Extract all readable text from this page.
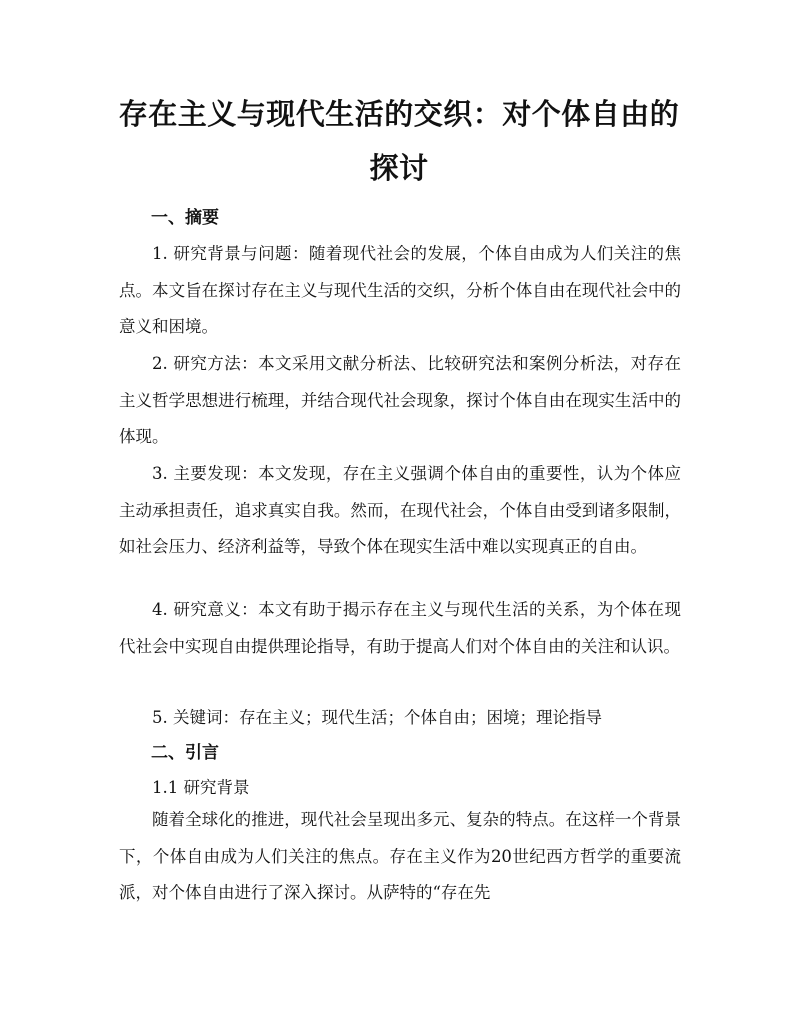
存在主义与现代生活的交织：对个体自由的
探讨
一、摘要

1. 研究背景与问题：随着现代社会的发展，个体自由成为人们关注的焦点。本文旨在探讨存在主义与现代生活的交织，分析个体自由在现代社会中的意义和困境。

2. 研究方法：本文采用文献分析法、比较研究法和案例分析法，对存在主义哲学思想进行梳理，并结合现代社会现象，探讨个体自由在现实生活中的体现。

3. 主要发现：本文发现，存在主义强调个体自由的重要性，认为个体应主动承担责任，追求真实自我。然而，在现代社会，个体自由受到诸多限制，如社会压力、经济利益等，导致个体在现实生活中难以实现真正的自由。

4. 研究意义：本文有助于揭示存在主义与现代生活的关系，为个体在现代社会中实现自由提供理论指导，有助于提高人们对个体自由的关注和认识。

5. 关键词：存在主义；现代生活；个体自由；困境；理论指导

二、引言

1.1 研究背景

随着全球化的推进，现代社会呈现出多元、复杂的特点。在这样一个背景下，个体自由成为人们关注的焦点。存在主义作为20世纪西方哲学的重要流派，对个体自由进行了深入探讨。从萨特的“存在先
